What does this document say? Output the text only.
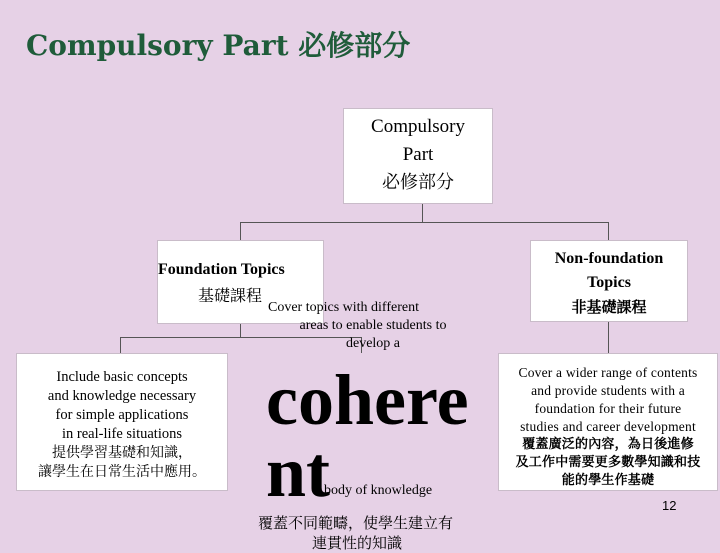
Compulsory Part 必修部分
Compulsory
Part
必修部分
Foundation Topics
基礎課程
Non-foundation
Topics
非基礎課程
Cover topics with different
areas to enable students to
develop a
Include basic concepts
and knowledge necessary
for simple applications
in real-life situations
提供學習基礎和知識，
讓學生在日常生活中應用。
cohere
nt
body of knowledge
覆蓋不同範疇，使學生建立有
連貫性的知識
Cover a wider range of contents
and provide students with a
foundation for their future
studies and career development
覆蓋廣泛的內容，為日後進修
及工作中需要更多數學知識和技
能的學生作基礎
12
